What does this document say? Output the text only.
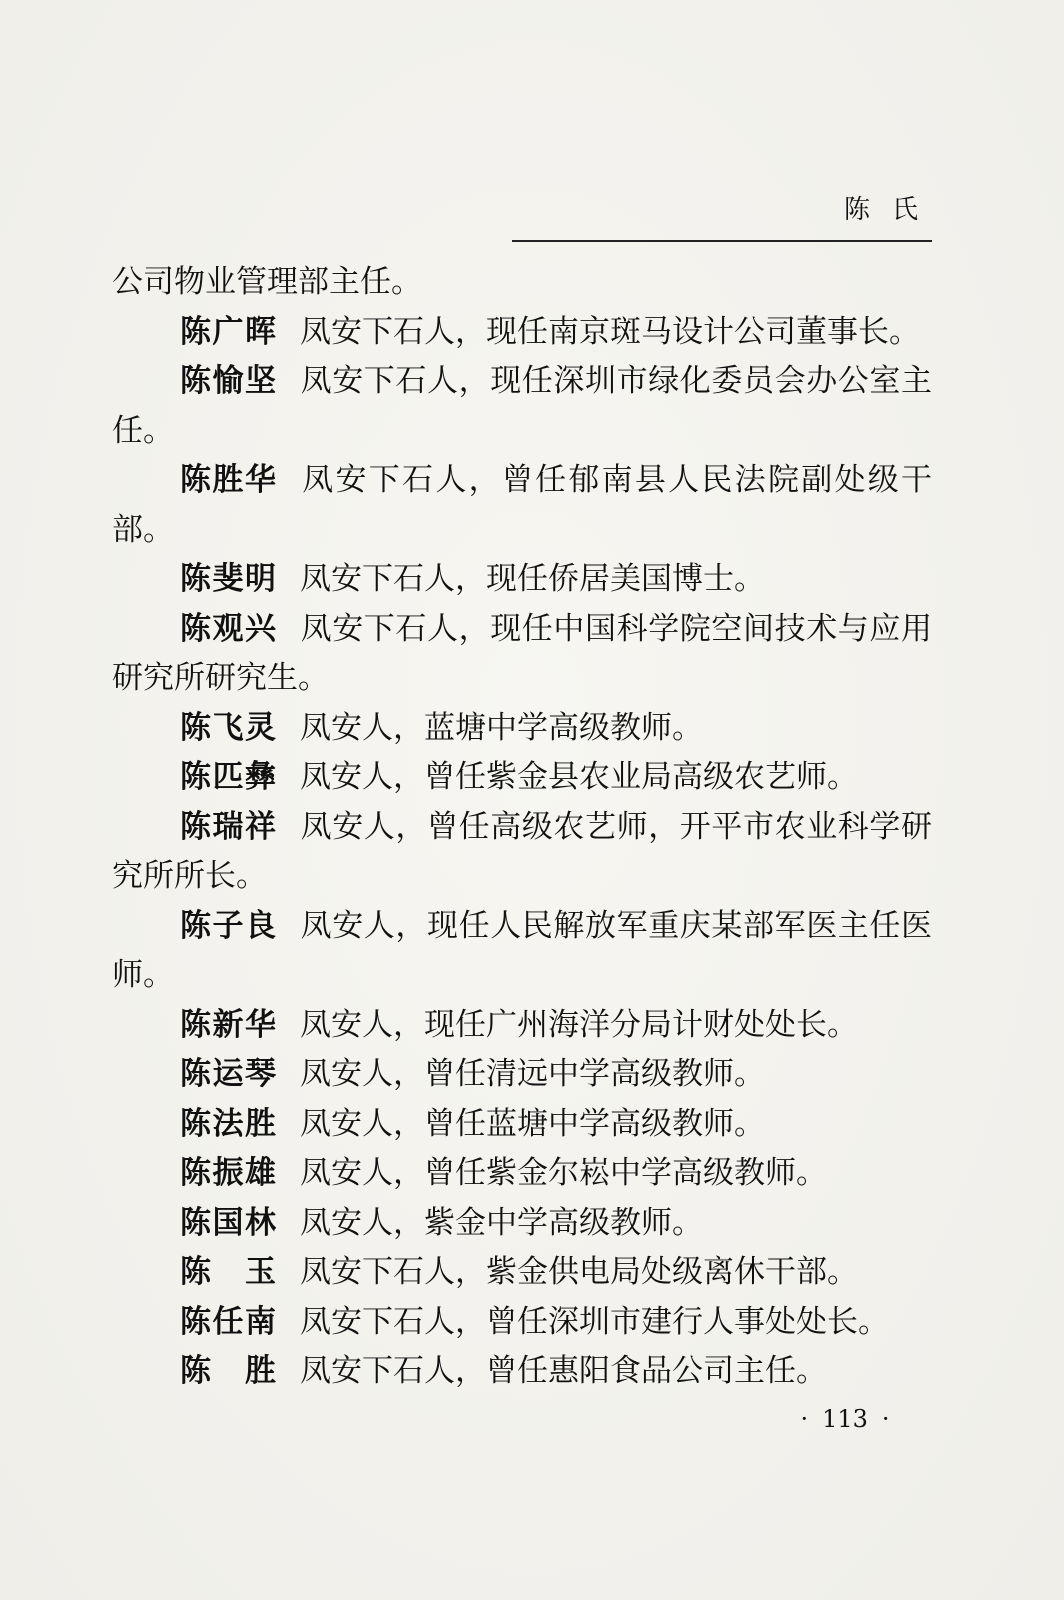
陈氏

公司物业管理部主任。

陈广晖 凤安下石人，现任南京斑马设计公司董事长。

陈愉坚 凤安下石人，现任深圳市绿化委员会办公室主任。

陈胜华 凤安下石人，曾任郁南县人民法院副处级干部。

陈斐明 凤安下石人，现任侨居美国博士。

陈观兴 凤安下石人，现任中国科学院空间技术与应用研究所研究生。

陈飞灵 凤安人，蓝塘中学高级教师。

陈匹彝 凤安人，曾任紫金县农业局高级农艺师。

陈瑞祥 凤安人，曾任高级农艺师，开平市农业科学研究所所长。

陈子良 凤安人，现任人民解放军重庆某部军医主任医师。

陈新华 凤安人，现任广州海洋分局计财处处长。

陈运琴 凤安人，曾任清远中学高级教师。

陈法胜 凤安人，曾任蓝塘中学高级教师。

陈振雄 凤安人，曾任紫金尔崧中学高级教师。

陈国林 凤安人，紫金中学高级教师。

陈玉 凤安下石人，紫金供电局处级离休干部。

陈任南 凤安下石人，曾任深圳市建行人事处处长。

陈胜 凤安下石人，曾任惠阳食品公司主任。

· 113 ·
